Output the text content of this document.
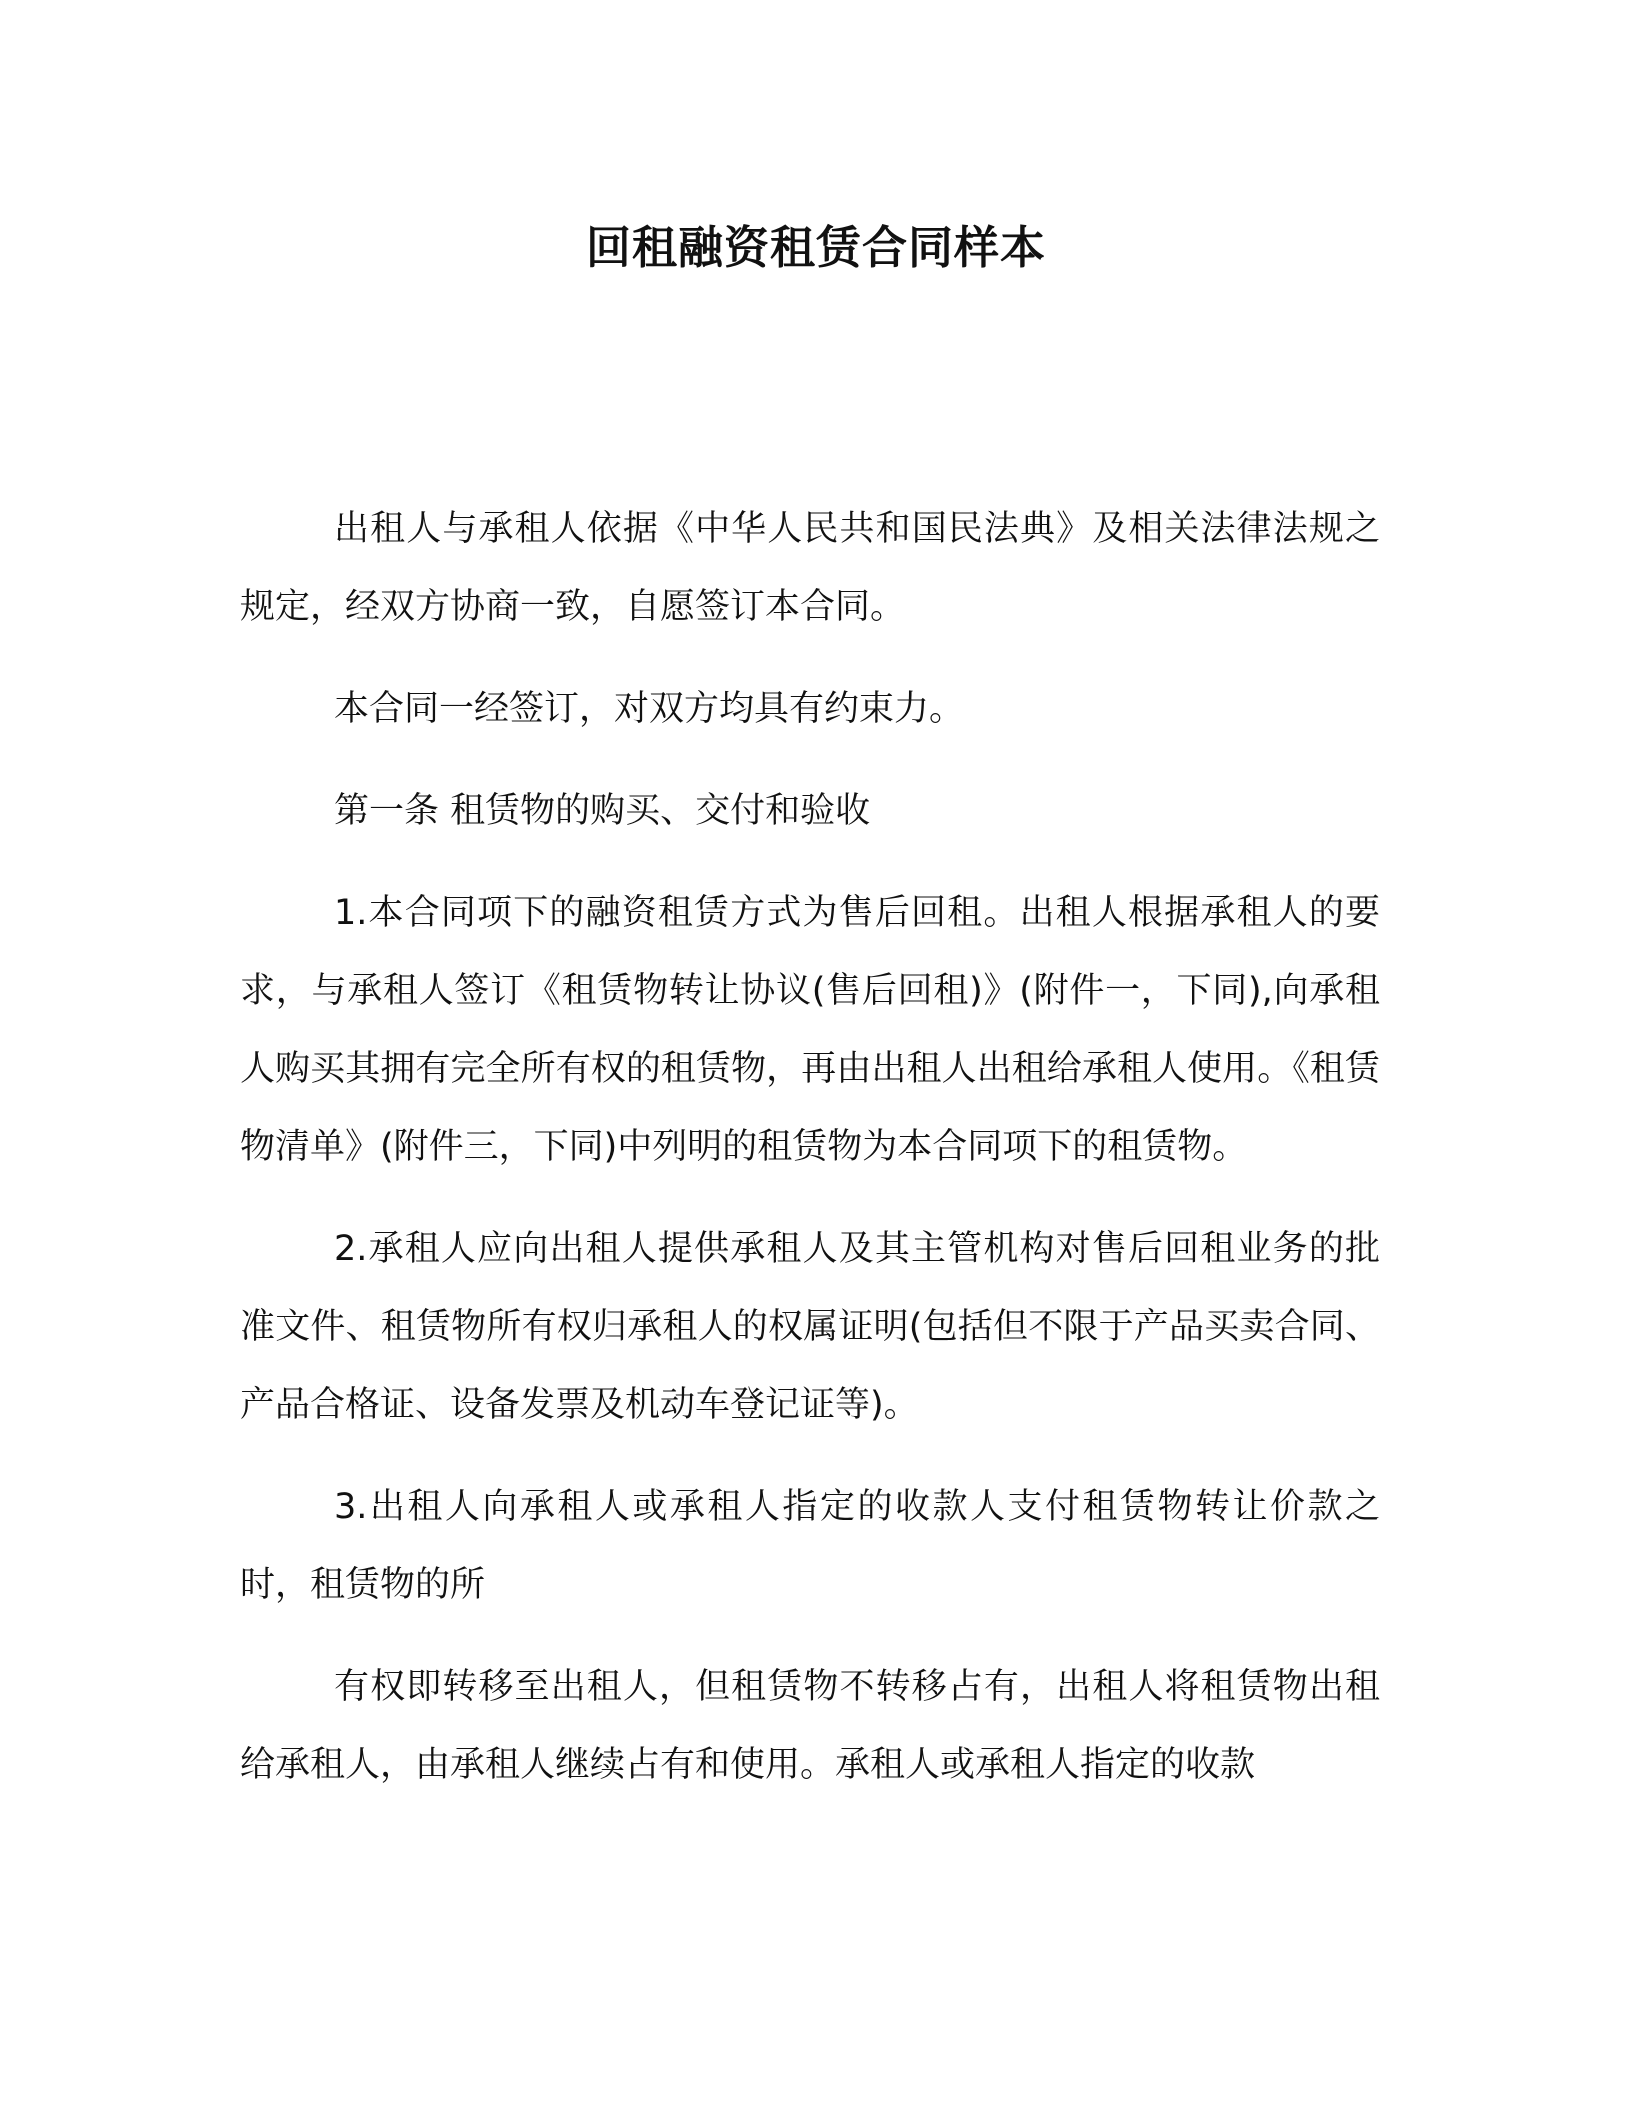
回租融资租赁合同样本

出租人与承租人依据《中华人民共和国民法典》及相关法律法规之规定，经双方协商一致，自愿签订本合同。

本合同一经签订，对双方均具有约束力。

第一条 租赁物的购买、交付和验收

1.本合同项下的融资租赁方式为售后回租。出租人根据承租人的要求，与承租人签订《租赁物转让协议(售后回租)》(附件一，下同),向承租人购买其拥有完全所有权的租赁物，再由出租人出租给承租人使用。《租赁物清单》(附件三，下同)中列明的租赁物为本合同项下的租赁物。

2.承租人应向出租人提供承租人及其主管机构对售后回租业务的批准文件、租赁物所有权归承租人的权属证明(包括但不限于产品买卖合同、产品合格证、设备发票及机动车登记证等)。

3.出租人向承租人或承租人指定的收款人支付租赁物转让价款之时，租赁物的所

有权即转移至出租人，但租赁物不转移占有，出租人将租赁物出租给承租人，由承租人继续占有和使用。承租人或承租人指定的收款
